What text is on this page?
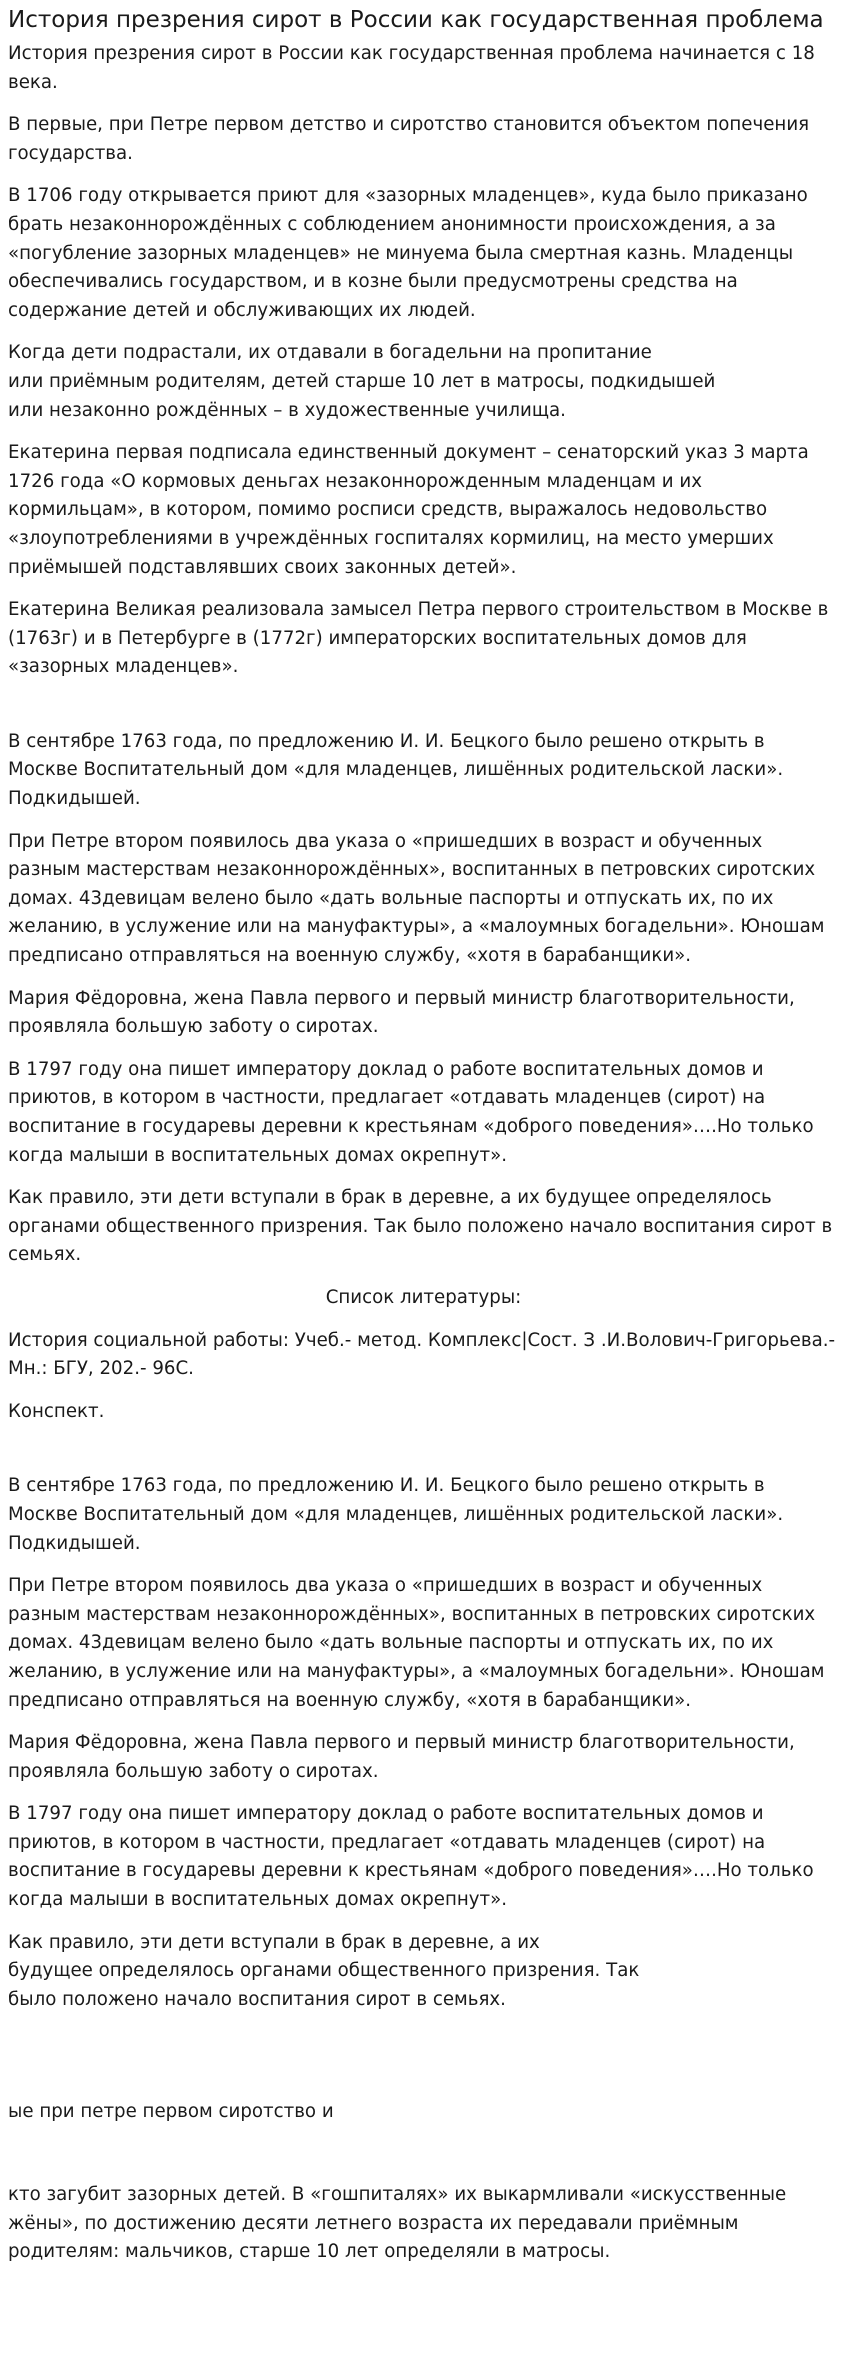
История презрения сирот в России как государственная проблема

История презрения сирот в России как государственная проблема начинается с 18 века.

В первые, при Петре первом детство и сиротство становится объектом попечения государства.

В 1706 году открывается приют для «зазорных младенцев», куда было приказано брать незаконнорождённых с соблюдением анонимности происхождения, а за «погубление зазорных младенцев» не минуема была смертная казнь. Младенцы обеспечивались государством, и в козне были предусмотрены средства на содержание детей и обслуживающих их людей.

Когда дети подрастали, их отдавали в богадельни на пропитание
или приёмным родителям, детей старше 10 лет в матросы, подкидышей
или незаконно рождённых – в художественные училища.

Екатерина первая подписала единственный документ – сенаторский указ 3 марта 1726 года «О кормовых деньгах незаконнорожденным младенцам и их кормильцам», в котором, помимо росписи средств, выражалось недовольство «злоупотреблениями в учреждённых госпиталях кормилиц, на место умерших приёмышей подставлявших своих законных детей».

Екатерина Великая реализовала замысел Петра первого строительством в Москве в (1763г) и в Петербурге в (1772г) императорских воспитательных домов для «зазорных младенцев».

В сентябре 1763 года, по предложению И. И. Бецкого было решено открыть в Москве Воспитательный дом «для младенцев, лишённых родительской ласки». Подкидышей.

При Петре втором появилось два указа о «пришедших в возраст и обученных разным мастерствам незаконнорождённых», воспитанных в петровских сиротских домах. 43девицам велено было «дать вольные паспорты и отпускать их, по их желанию, в услужение или на мануфактуры», а «малоумных богадельни». Юношам предписано отправляться на военную службу, «хотя в барабанщики».

Мария Фёдоровна, жена Павла первого и первый министр благотворительности, проявляла большую заботу о сиротах.

В 1797 году она пишет императору доклад о работе воспитательных домов и приютов, в котором в частности, предлагает «отдавать младенцев (сирот) на воспитание в государевы деревни к крестьянам «доброго поведения»….Но только когда малыши в воспитательных домах окрепнут».

Как правило, эти дети вступали в брак в деревне, а их будущее определялось органами общественного призрения. Так было положено начало воспитания сирот в семьях.

Список литературы:

История социальной работы: Учеб.- метод. Комплекс|Сост. З .И.Волович-Григорьева.- Мн.: БГУ, 202.- 96С.

Конспект.

В сентябре 1763 года, по предложению И. И. Бецкого было решено открыть в Москве Воспитательный дом «для младенцев, лишённых родительской ласки». Подкидышей.

При Петре втором появилось два указа о «пришедших в возраст и обученных разным мастерствам незаконнорождённых», воспитанных в петровских сиротских домах. 43девицам велено было «дать вольные паспорты и отпускать их, по их желанию, в услужение или на мануфактуры», а «малоумных богадельни». Юношам предписано отправляться на военную службу, «хотя в барабанщики».

Мария Фёдоровна, жена Павла первого и первый министр благотворительности, проявляла большую заботу о сиротах.

В 1797 году она пишет императору доклад о работе воспитательных домов и приютов, в котором в частности, предлагает «отдавать младенцев (сирот) на воспитание в государевы деревни к крестьянам «доброго поведения»….Но только когда малыши в воспитательных домах окрепнут».

Как правило, эти дети вступали в брак в деревне, а их
будущее определялось органами общественного призрения. Так
было положено начало воспитания сирот в семьях.

ые при петре первом сиротство и

кто загубит зазорных детей. В «гошпиталях» их выкармливали «искусственные жёны», по достижению десяти летнего возраста их передавали приёмным родителям: мальчиков, старше 10 лет определяли в матросы.
